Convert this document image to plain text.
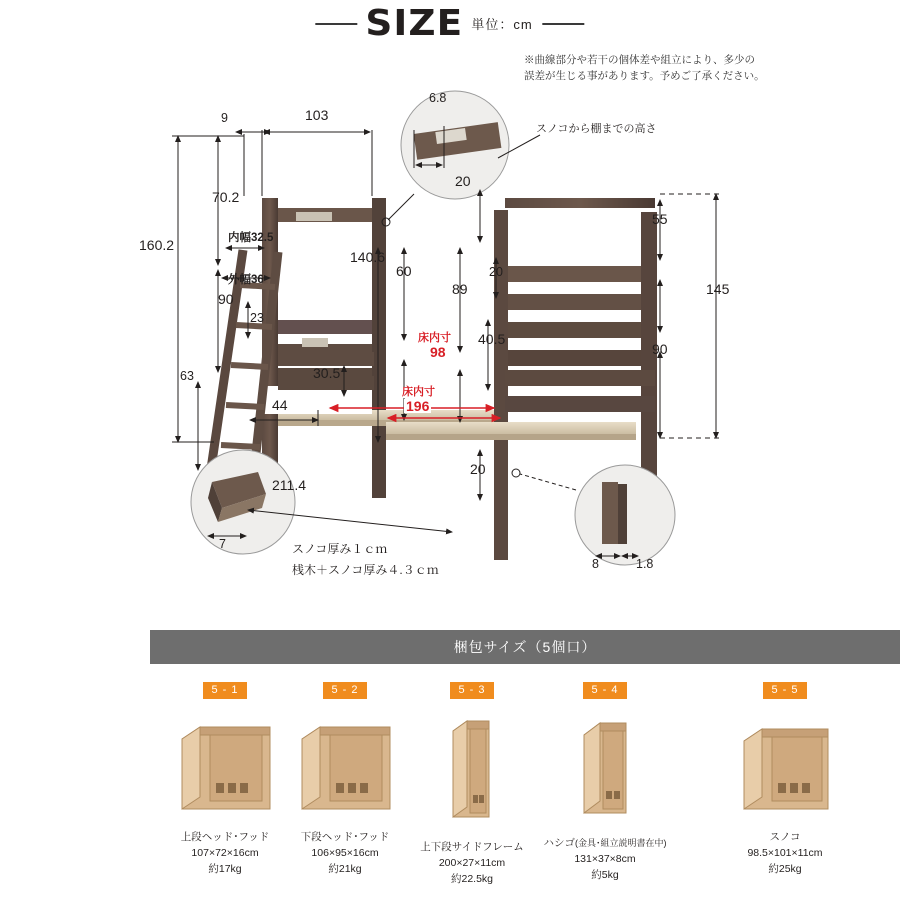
SIZE 単位：cm
※曲線部分や若干の個体差や組立により、多少の
誤差が生じる事があります。予めご了承ください。
9	103
70.2
160.2	内幅32.5
外幅36
90
23
63
44
30.5
211.4
140.6
60
89
40.5
20
55
145
90
20
20
床内寸
98
床内寸
196
6.8
スノコから棚までの高さ
7
8	1.8
スノコ厚み１ｃｍ
桟木＋スノコ厚み４.３ｃｍ
梱包サイズ（5個口）
5 - 1
上段ヘッド･フッド
107×72×16cm
約17kg
5 - 2
下段ヘッド･フッド
106×95×16cm
約21kg
5 - 3
上下段サイドフレーム
200×27×11cm
約22.5kg
5 - 4
ハシゴ(金具･組立説明書在中)
131×37×8cm
約5kg
5 - 5
スノコ
98.5×101×11cm
約25kg
